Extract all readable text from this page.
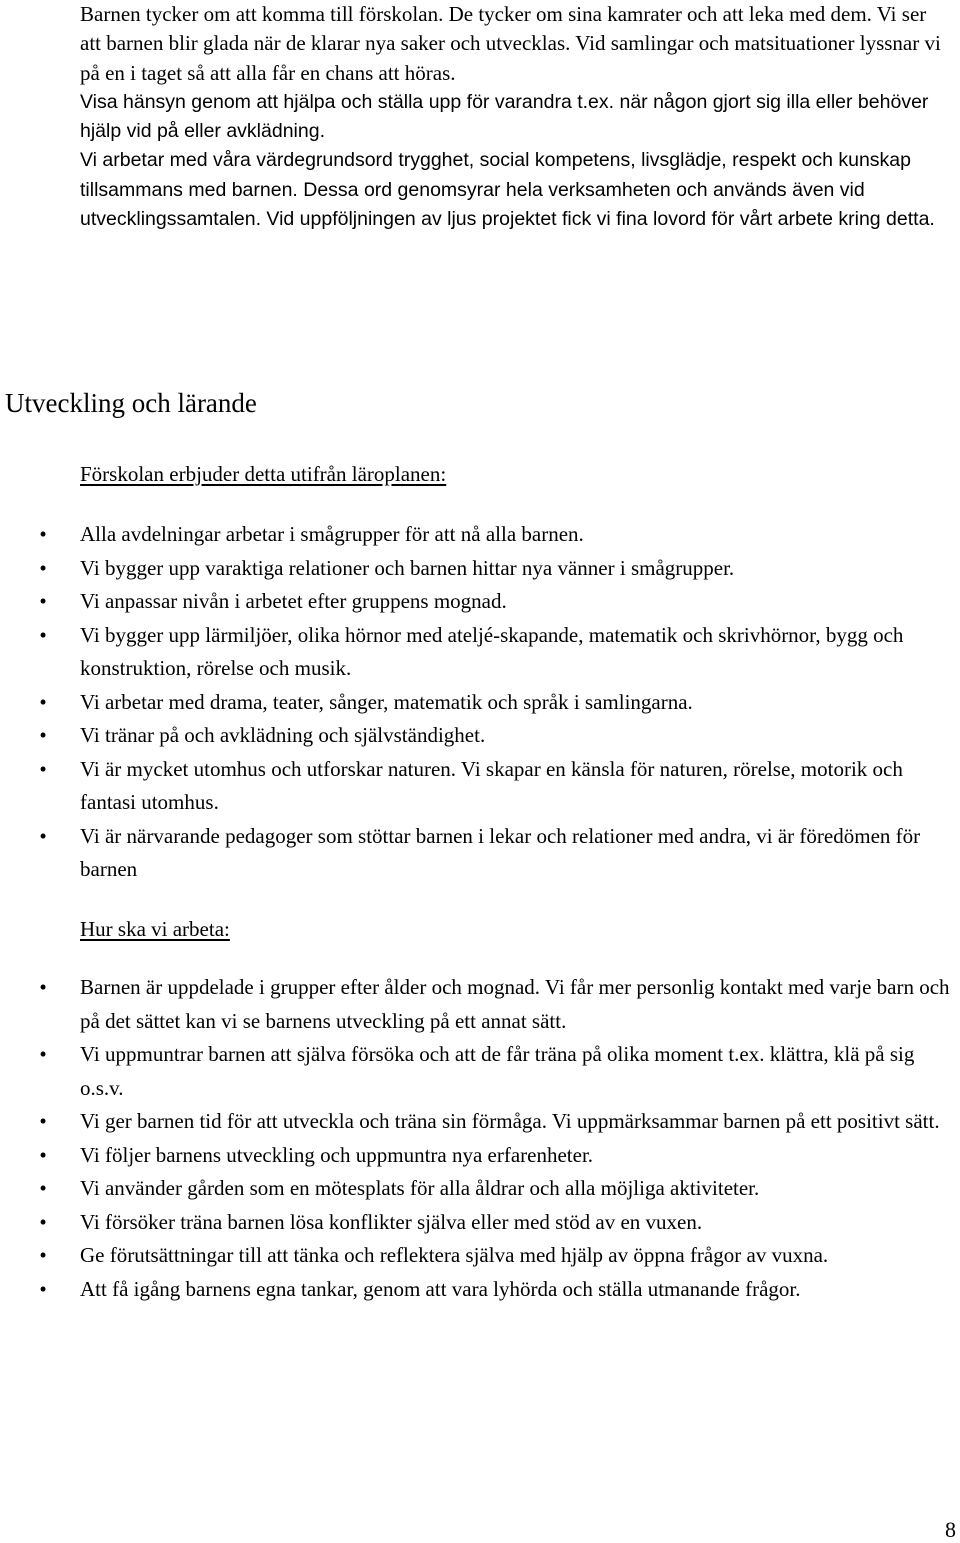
Barnen tycker om att komma till förskolan. De tycker om sina kamrater och att leka med dem. Vi ser att barnen blir glada när de klarar nya saker och utvecklas. Vid samlingar och matsituationer lyssnar vi på en i taget så att alla får en chans att höras.

Visa hänsyn genom att hjälpa och ställa upp för varandra t.ex. när någon gjort sig illa eller behöver hjälp vid på eller avklädning.

Vi arbetar med våra värdegrundsord trygghet, social kompetens, livsglädje, respekt och kunskap tillsammans med barnen. Dessa ord genomsyrar hela verksamheten och används även vid utvecklingssamtalen. Vid uppföljningen av ljus projektet fick vi fina lovord för vårt arbete kring detta.

Utveckling och lärande
Förskolan erbjuder detta utifrån läroplanen:
• Alla avdelningar arbetar i smågrupper för att nå alla barnen.
• Vi bygger upp varaktiga relationer och barnen hittar nya vänner i smågrupper.
• Vi anpassar nivån i arbetet efter gruppens mognad.
• Vi bygger upp lärmiljöer, olika hörnor med ateljé-skapande, matematik och skrivhörnor, bygg och konstruktion, rörelse och musik.
• Vi arbetar med drama, teater, sånger, matematik och språk i samlingarna.
• Vi tränar på och avklädning och självständighet.
• Vi är mycket utomhus och utforskar naturen. Vi skapar en känsla för naturen, rörelse, motorik och fantasi utomhus.
• Vi är närvarande pedagoger som stöttar barnen i lekar och relationer med andra, vi är föredömen för barnen
Hur ska vi arbeta:
• Barnen är uppdelade i grupper efter ålder och mognad. Vi får mer personlig kontakt med varje barn och på det sättet kan vi se barnens utveckling på ett annat sätt.
• Vi uppmuntrar barnen att själva försöka och att de får träna på olika moment t.ex. klättra, klä på sig o.s.v.
• Vi ger barnen tid för att utveckla och träna sin förmåga. Vi uppmärksammar barnen på ett positivt sätt.
• Vi följer barnens utveckling och uppmuntra nya erfarenheter.
• Vi använder gården som en mötesplats för alla åldrar och alla möjliga aktiviteter.
• Vi försöker träna barnen lösa konflikter själva eller med stöd av en vuxen.
• Ge förutsättningar till att tänka och reflektera själva med hjälp av öppna frågor av vuxna.
• Att få igång barnens egna tankar, genom att vara lyhörda och ställa utmanande frågor.
8
